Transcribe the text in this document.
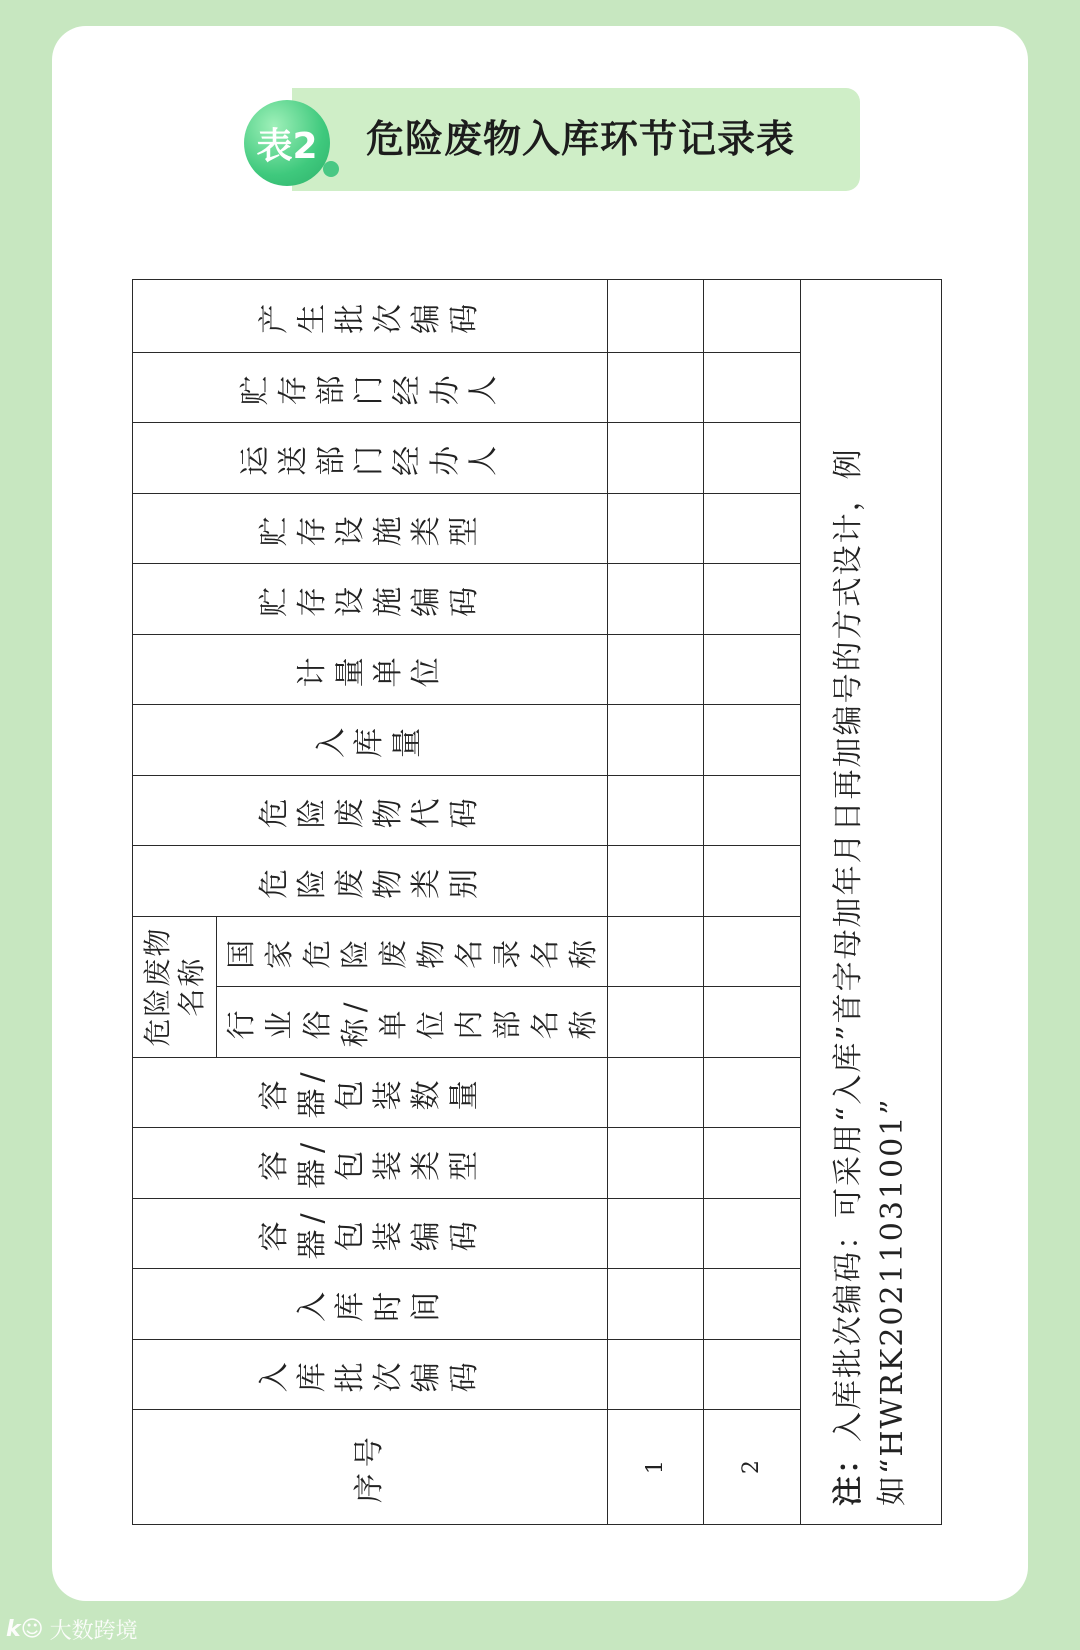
表2	危险废物入库环节记录表
序号	入库批次编码	入库时间	容器/包装编码	容器/包装类型	容器/包装数量	危险废物名称		危险废物类别	危险废物代码	入库量	计量单位	贮存设施编码	贮存设施类型	运送部门经办人	贮存部门经办人	产生批次编码
						行业俗称/单位内部名称	国家危险废物名录名称									
1																
2																
注：入库批次编码：可采用“入库”首字母加年月日再加编号的方式设计，例如“HWRK20211031001”																
k☺ 大数跨境
